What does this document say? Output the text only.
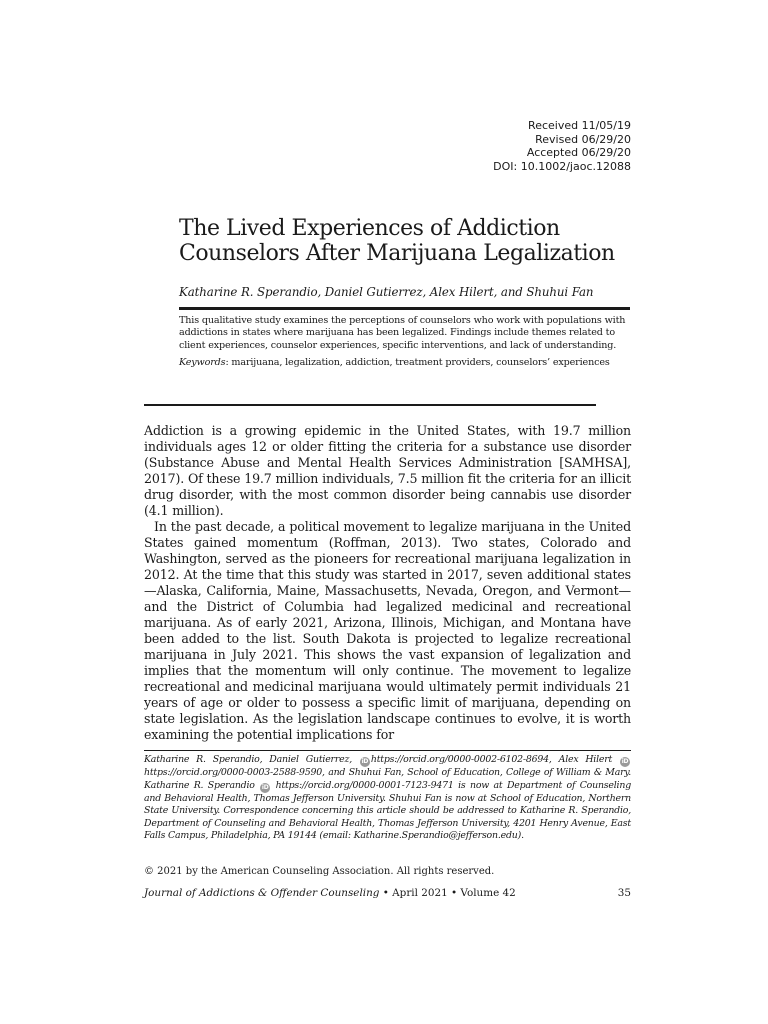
Received 11/05/19
Revised 06/29/20
Accepted 06/29/20
DOI: 10.1002/jaoc.12088
The Lived Experiences of Addiction
Counselors After Marijuana Legalization

Katharine R. Sperandio, Daniel Gutierrez, Alex Hilert, and Shuhui Fan

This qualitative study examines the perceptions of counselors who work with populations with addictions in states where marijuana has been legalized. Findings include themes related to client experiences, counselor experiences, specific interventions, and lack of understanding.

Keywords: marijuana, legalization, addiction, treatment providers, counselors’ experiences

Addiction is a growing epidemic in the United States, with 19.7 million individuals ages 12 or older fitting the criteria for a substance use disorder (Substance Abuse and Mental Health Services Administration [SAMHSA], 2017). Of these 19.7 million individuals, 7.5 million fit the criteria for an illicit drug disorder, with the most common disorder being cannabis use disorder (4.1 million).

In the past decade, a political movement to legalize marijuana in the United States gained momentum (Roffman, 2013). Two states, Colorado and Washington, served as the pioneers for recreational marijuana legalization in 2012. At the time that this study was started in 2017, seven additional states—Alaska, California, Maine, Massachusetts, Nevada, Oregon, and Vermont—and the District of Columbia had legalized medicinal and recreational marijuana. As of early 2021, Arizona, Illinois, Michigan, and Montana have been added to the list. South Dakota is projected to legalize recreational marijuana in July 2021. This shows the vast expansion of legalization and implies that the momentum will only continue. The movement to legalize recreational and medicinal marijuana would ultimately permit individuals 21 years of age or older to possess a specific limit of marijuana, depending on state legislation. As the legislation landscape continues to evolve, it is worth examining the potential implications for

Katharine R. Sperandio, Daniel Gutierrez, iD https://orcid.org/0000-0002-6102-8694, Alex Hilert iD https://orcid.org/0000-0003-2588-9590, and Shuhui Fan, School of Education, College of William & Mary. Katharine R. Sperandio iD https://orcid.org/0000-0001-7123-9471 is now at Department of Counseling and Behavioral Health, Thomas Jefferson University. Shuhui Fan is now at School of Education, Northern State University. Correspondence concerning this article should be addressed to Katharine R. Sperandio, Department of Counseling and Behavioral Health, Thomas Jefferson University, 4201 Henry Avenue, East Falls Campus, Philadelphia, PA 19144 (email: Katharine.Sperandio@jefferson.edu).

© 2021 by the American Counseling Association. All rights reserved.

Journal of Addictions & Offender Counseling • April 2021 • Volume 42	35
